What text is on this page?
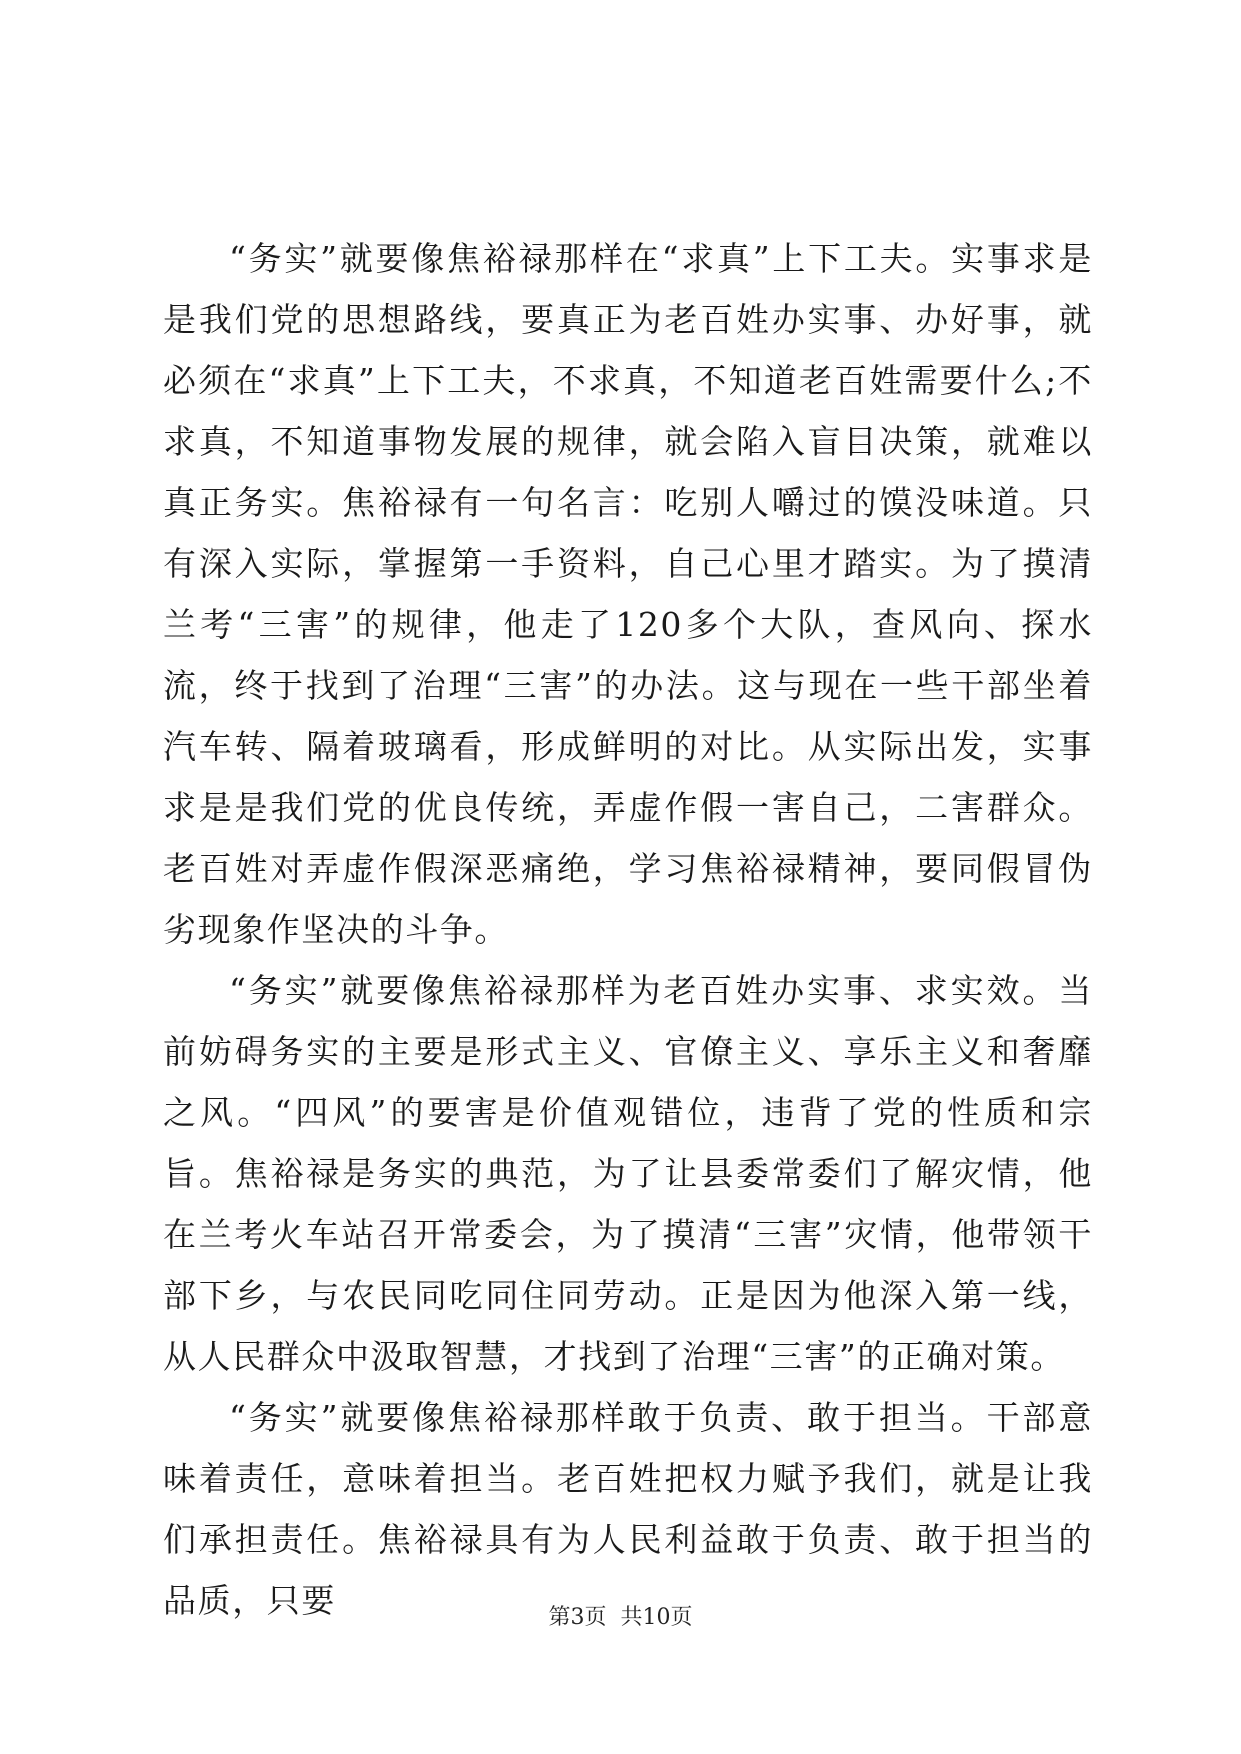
“务实”就要像焦裕禄那样在“求真”上下工夫。实事求是是我们党的思想路线，要真正为老百姓办实事、办好事，就必须在“求真”上下工夫，不求真，不知道老百姓需要什么;不求真，不知道事物发展的规律，就会陷入盲目决策，就难以真正务实。焦裕禄有一句名言：吃别人嚼过的馍没味道。只有深入实际，掌握第一手资料，自己心里才踏实。为了摸清兰考“三害”的规律，他走了120多个大队，查风向、探水流，终于找到了治理“三害”的办法。这与现在一些干部坐着汽车转、隔着玻璃看，形成鲜明的对比。从实际出发，实事求是是我们党的优良传统，弄虚作假一害自己，二害群众。老百姓对弄虚作假深恶痛绝，学习焦裕禄精神，要同假冒伪劣现象作坚决的斗争。

“务实”就要像焦裕禄那样为老百姓办实事、求实效。当前妨碍务实的主要是形式主义、官僚主义、享乐主义和奢靡之风。“四风”的要害是价值观错位，违背了党的性质和宗旨。焦裕禄是务实的典范，为了让县委常委们了解灾情，他在兰考火车站召开常委会，为了摸清“三害”灾情，他带领干部下乡，与农民同吃同住同劳动。正是因为他深入第一线，从人民群众中汲取智慧，才找到了治理“三害”的正确对策。

“务实”就要像焦裕禄那样敢于负责、敢于担当。干部意味着责任，意味着担当。老百姓把权力赋予我们，就是让我们承担责任。焦裕禄具有为人民利益敢于负责、敢于担当的品质，只要	第3页 共10页
